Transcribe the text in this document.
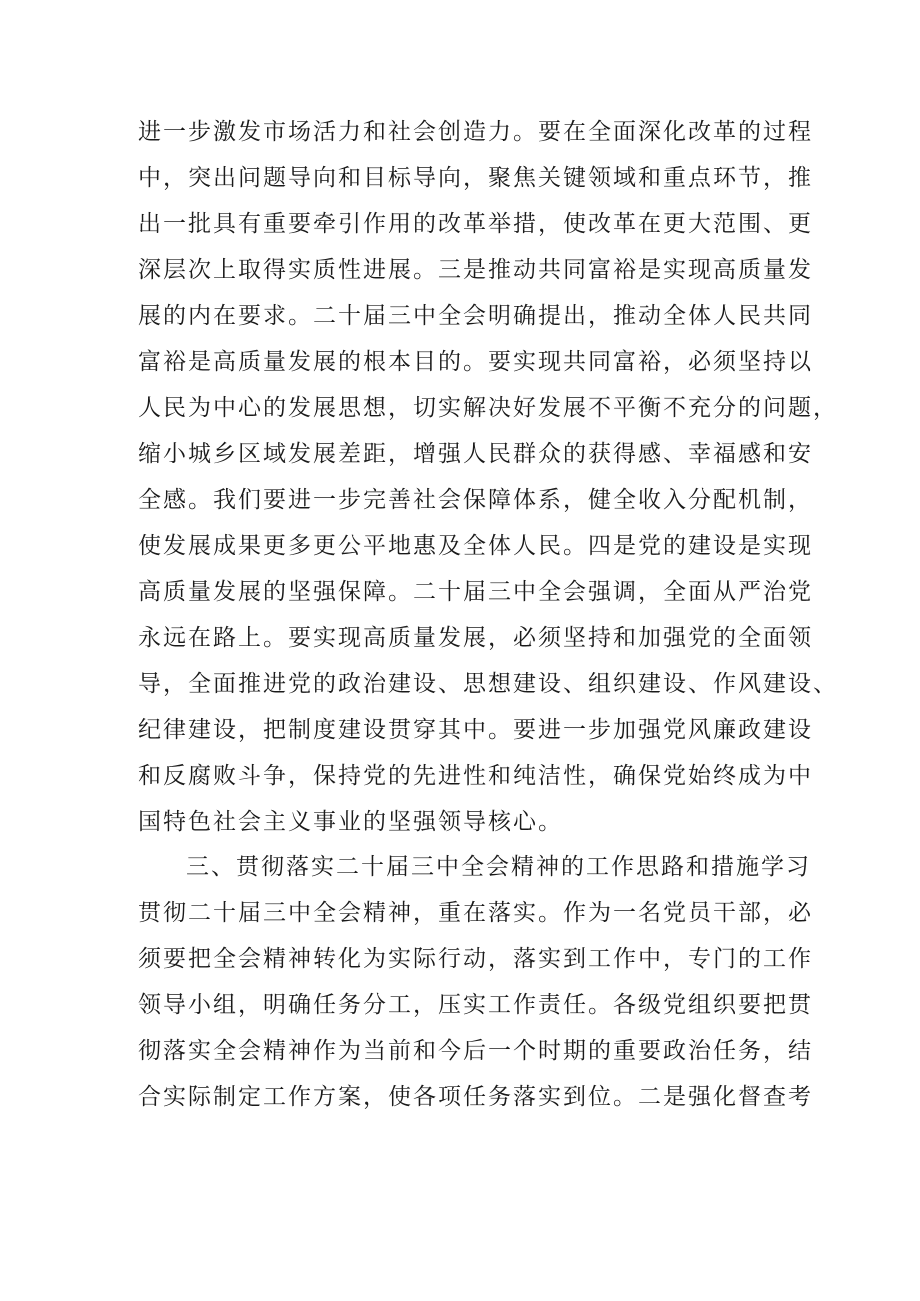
进一步激发市场活力和社会创造力。要在全面深化改革的过程
中，突出问题导向和目标导向，聚焦关键领域和重点环节，推
出一批具有重要牵引作用的改革举措，使改革在更大范围、更
深层次上取得实质性进展。三是推动共同富裕是实现高质量发
展的内在要求。二十届三中全会明确提出，推动全体人民共同
富裕是高质量发展的根本目的。要实现共同富裕，必须坚持以
人民为中心的发展思想，切实解决好发展不平衡不充分的问题，
缩小城乡区域发展差距，增强人民群众的获得感、幸福感和安
全感。我们要进一步完善社会保障体系，健全收入分配机制，
使发展成果更多更公平地惠及全体人民。四是党的建设是实现
高质量发展的坚强保障。二十届三中全会强调，全面从严治党
永远在路上。要实现高质量发展，必须坚持和加强党的全面领
导，全面推进党的政治建设、思想建设、组织建设、作风建设、
纪律建设，把制度建设贯穿其中。要进一步加强党风廉政建设
和反腐败斗争，保持党的先进性和纯洁性，确保党始终成为中
国特色社会主义事业的坚强领导核心。
三、贯彻落实二十届三中全会精神的工作思路和措施学习
贯彻二十届三中全会精神，重在落实。作为一名党员干部，必
须要把全会精神转化为实际行动，落实到工作中，专门的工作
领导小组，明确任务分工，压实工作责任。各级党组织要把贯
彻落实全会精神作为当前和今后一个时期的重要政治任务，结
合实际制定工作方案，使各项任务落实到位。二是强化督查考
